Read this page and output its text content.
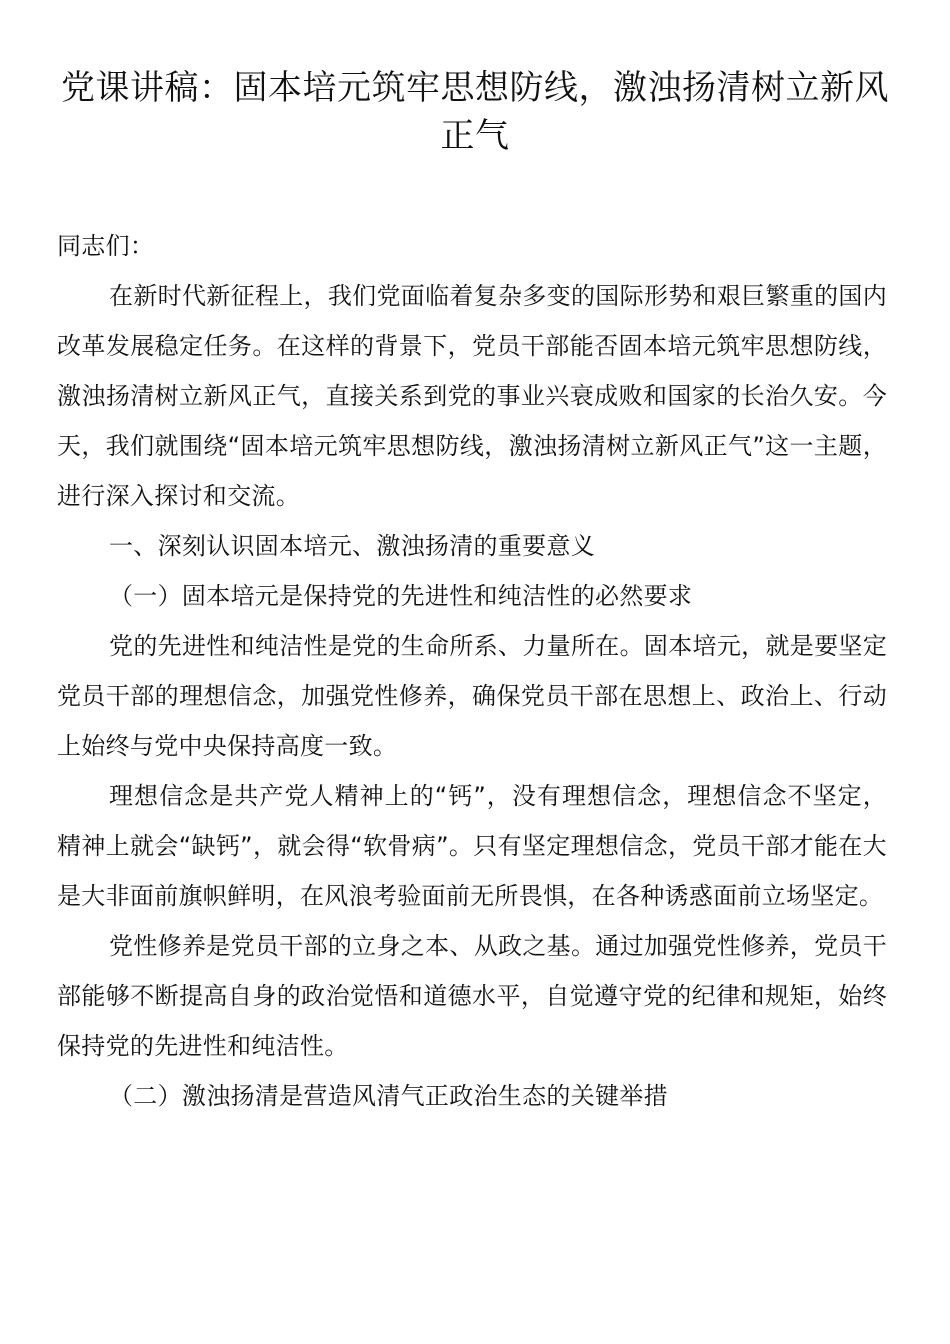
党课讲稿：固本培元筑牢思想防线，激浊扬清树立新风正气

同志们：

在新时代新征程上，我们党面临着复杂多变的国际形势和艰巨繁重的国内改革发展稳定任务。在这样的背景下，党员干部能否固本培元筑牢思想防线，激浊扬清树立新风正气，直接关系到党的事业兴衰成败和国家的长治久安。今天，我们就围绕“固本培元筑牢思想防线，激浊扬清树立新风正气”这一主题，进行深入探讨和交流。

一、深刻认识固本培元、激浊扬清的重要意义

（一）固本培元是保持党的先进性和纯洁性的必然要求

党的先进性和纯洁性是党的生命所系、力量所在。固本培元，就是要坚定党员干部的理想信念，加强党性修养，确保党员干部在思想上、政治上、行动上始终与党中央保持高度一致。

理想信念是共产党人精神上的“钙”，没有理想信念，理想信念不坚定，精神上就会“缺钙”，就会得“软骨病”。只有坚定理想信念，党员干部才能在大是大非面前旗帜鲜明，在风浪考验面前无所畏惧，在各种诱惑面前立场坚定。

党性修养是党员干部的立身之本、从政之基。通过加强党性修养，党员干部能够不断提高自身的政治觉悟和道德水平，自觉遵守党的纪律和规矩，始终保持党的先进性和纯洁性。

（二）激浊扬清是营造风清气正政治生态的关键举措
